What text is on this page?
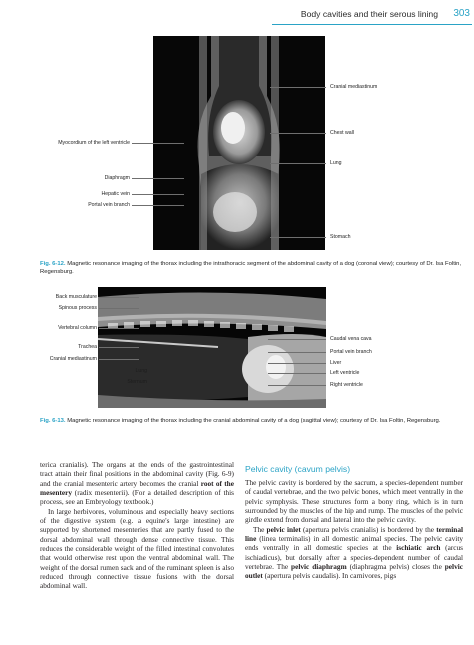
Body cavities and their serous lining 303
Myocordium of the left ventricle
Diaphragm
Hepatic vein
Portal vein branch
Cranial mediastinum
Chest wall
Lung
Stomach
Fig. 6-12. Magnetic resonance imaging of the thorax including the intrathoracic segment of the abdominal cavity of a dog (coronal view); courtesy of Dr. Isa Foltin, Regensburg.
Back musculature
Spinous process
Vertebral column
Trachea
Cranial mediastinum
Lung
Sternum
Caudal vena cava
Portal vein branch
Liver
Left ventricle
Right ventricle
Fig. 6-13. Magnetic resonance imaging of the thorax including the cranial abdominal cavity of a dog (sagittal view); courtesy of Dr. Isa Foltin, Regensburg.

terica cranialis). The organs at the ends of the gastrointestinal tract attain their final positions in the abdominal cavity (Fig. 6-9) and the cranial mesenteric artery becomes the cranial root of the mesentery (radix mesenterii). (For a detailed description of this process, see an Embryology textbook.)

In large herbivores, voluminous and especially heavy sections of the digestive system (e.g. a equine's large intestine) are supported by shortened mesenteries that are partly fused to the dorsal abdominal wall through dense connective tissue. This reduces the considerable weight of the filled intestinal convolutes that would otherwise rest upon the ventral abdominal wall. The weight of the dorsal rumen sack and of the ruminant spleen is also reduced through connective tissue fusions with the dorsal abdominal wall.

Pelvic cavity (cavum pelvis)

The pelvic cavity is bordered by the sacrum, a species-dependent number of caudal vertebrae, and the two pelvic bones, which meet ventrally in the pelvic symphysis. These structures form a bony ring, which is in turn surrounded by the muscles of the hip and rump. The muscles of the pelvic girdle extend from dorsal and lateral into the pelvic cavity.

The pelvic inlet (apertura pelvis cranialis) is bordered by the terminal line (linea terminalis) in all domestic animal species. The pelvic cavity ends ventrally in all domestic species at the ischiatic arch (arcus ischiadicus), but dorsally after a species-dependent number of caudal vertebrae. The pelvic diaphragm (diaphragma pelvis) closes the pelvic outlet (apertura pelvis caudalis). In carnivores, pigs
